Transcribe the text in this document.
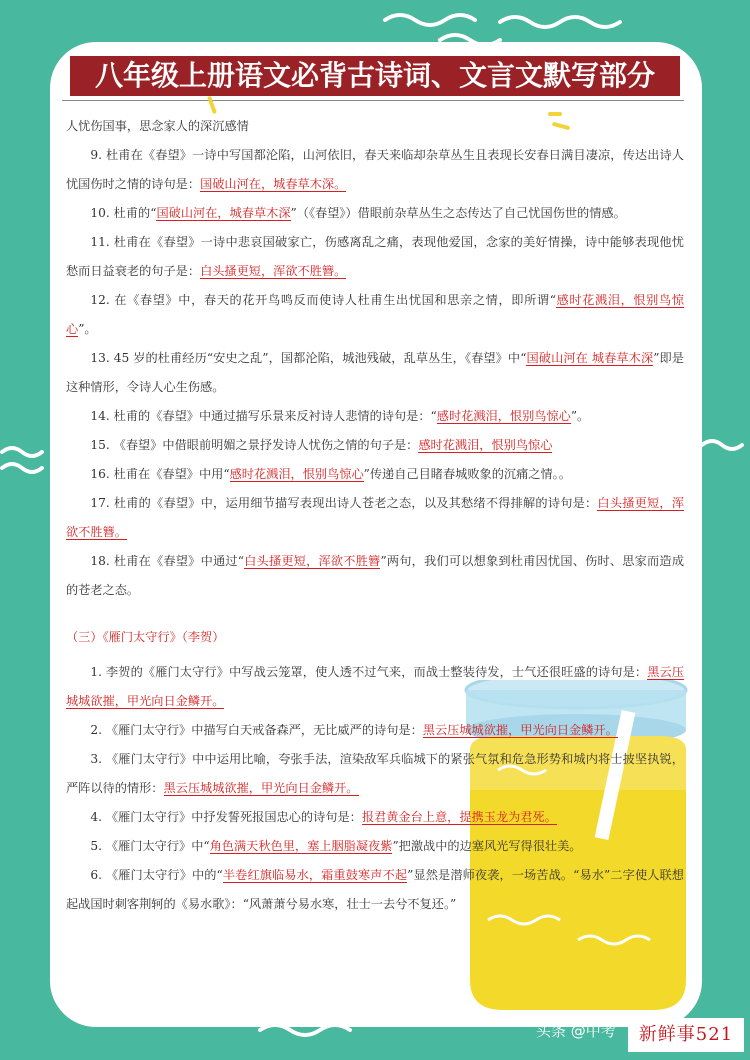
八年级上册语文必背古诗词、文言文默写部分

人忧伤国事，思念家人的深沉感情

9. 杜甫在《春望》一诗中写国都沦陷，山河依旧，春天来临却杂草丛生且表现长安春日满目凄凉，传达出诗人忧国伤时之情的诗句是：国破山河在，城春草木深。

10. 杜甫的“国破山河在，城春草木深”（《春望》）借眼前杂草丛生之态传达了自己忧国伤世的情感。

11. 杜甫在《春望》一诗中悲哀国破家亡，伤感离乱之痛，表现他爱国，念家的美好情操，诗中能够表现他忧愁而日益衰老的句子是：白头搔更短，浑欲不胜簪。

12. 在《春望》中，春天的花开鸟鸣反而使诗人杜甫生出忧国和思亲之情，即所谓“感时花溅泪，恨别鸟惊心”。

13. 45 岁的杜甫经历“安史之乱”，国都沦陷，城池残破，乱草丛生，《春望》中“国破山河在 城春草木深”即是这种情形，令诗人心生伤感。

14. 杜甫的《春望》中通过描写乐景来反衬诗人悲情的诗句是：“感时花溅泪，恨别鸟惊心”。

15. 《春望》中借眼前明媚之景抒发诗人忧伤之情的句子是：感时花溅泪，恨别鸟惊心

16. 杜甫在《春望》中用“感时花溅泪，恨别鸟惊心”传递自己目睹春城败象的沉痛之情。。

17. 杜甫的《春望》中，运用细节描写表现出诗人苍老之态，以及其愁绪不得排解的诗句是：白头搔更短，浑欲不胜簪。

18. 杜甫在《春望》中通过“白头搔更短，浑欲不胜簪”两句，我们可以想象到杜甫因忧国、伤时、思家而造成的苍老之态。

（三）《雁门太守行》（李贺）

1. 李贺的《雁门太守行》中写战云笼罩，使人透不过气来，而战士整装待发，士气还很旺盛的诗句是：黑云压城城欲摧，甲光向日金鳞开。

2. 《雁门太守行》中描写白天戒备森严，无比威严的诗句是：黑云压城城欲摧，甲光向日金鳞开。

3. 《雁门太守行》中中运用比喻，夸张手法，渲染敌军兵临城下的紧张气氛和危急形势和城内将士披坚执锐，严阵以待的情形：黑云压城城欲摧，甲光向日金鳞开。

4. 《雁门太守行》中抒发誓死报国忠心的诗句是：报君黄金台上意，提携玉龙为君死。

5. 《雁门太守行》中“角色满天秋色里，塞上胭脂凝夜紫”把激战中的边塞风光写得很壮美。

6. 《雁门太守行》中的“半卷红旗临易水，霜重鼓寒声不起”显然是潜师夜袭，一场苦战。“易水”二字使人联想起战国时刺客荆轲的《易水歌》：“风萧萧兮易水寒，壮士一去兮不复还。”

头条 @中考	新鲜事521
